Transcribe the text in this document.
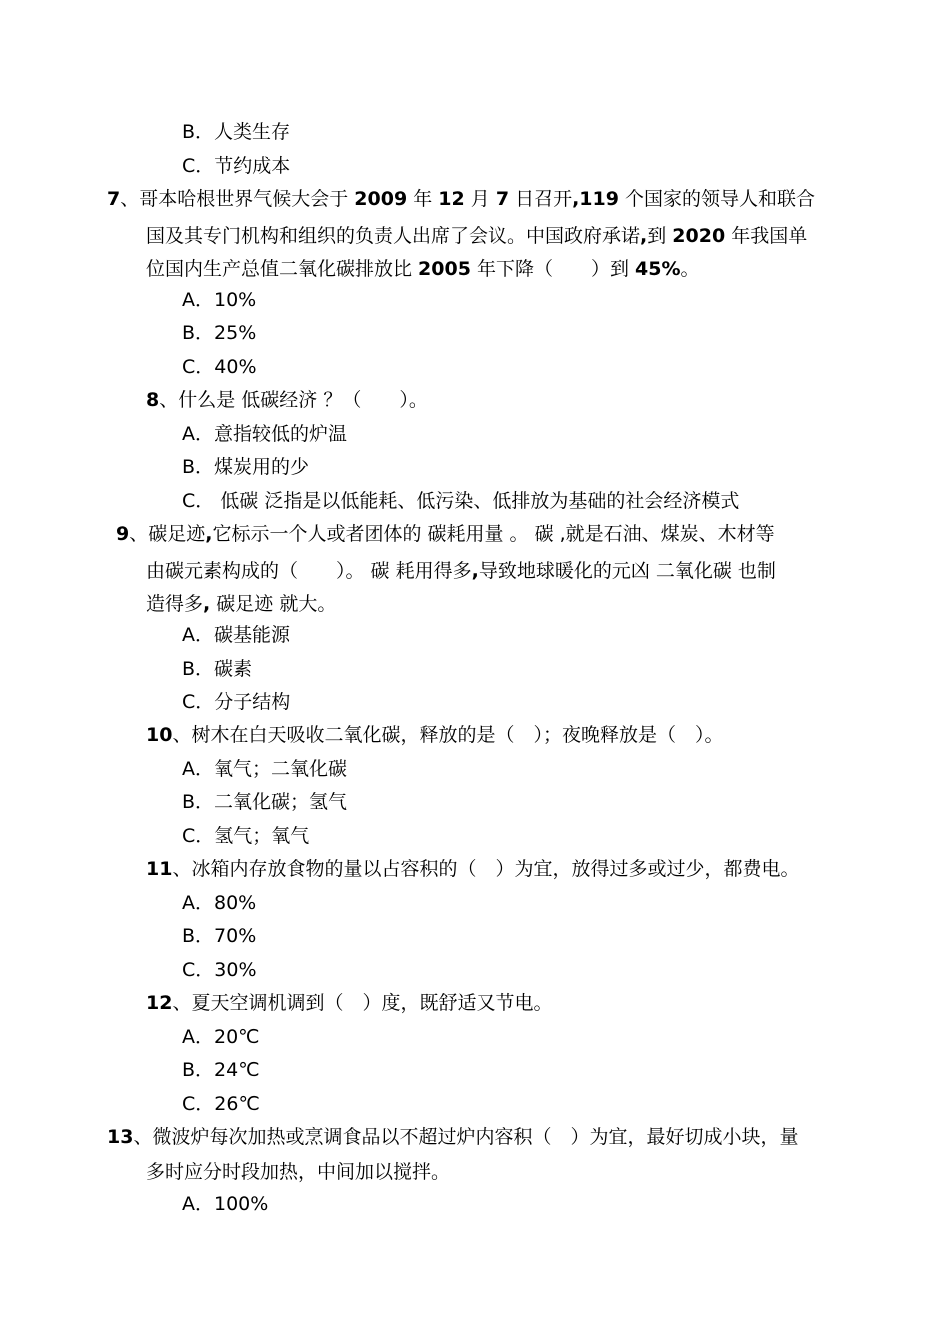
B．人类生存

C．节约成本

7、哥本哈根世界气候大会于 2009 年 12 月 7 日召开,119 个国家的领导人和联合

国及其专门机构和组织的负责人出席了会议。中国政府承诺,到 2020 年我国单

位国内生产总值二氧化碳排放比 2005 年下降（　　）到 45%。

A．10%

B．25%

C．40%

8、什么是 低碳经济 ？（　　）。

A．意指较低的炉温

B．煤炭用的少

C． 低碳 泛指是以低能耗、低污染、低排放为基础的社会经济模式

9、碳足迹,它标示一个人或者团体的 碳耗用量 。 碳 ,就是石油、煤炭、木材等

由碳元素构成的（　　）。 碳 耗用得多,导致地球暖化的元凶 二氧化碳 也制

造得多, 碳足迹 就大。

A．碳基能源

B．碳素

C．分子结构

10、树木在白天吸收二氧化碳，释放的是（　）；夜晚释放是（　）。

A．氧气；二氧化碳

B．二氧化碳；氢气

C．氢气；氧气

11、冰箱内存放食物的量以占容积的（　）为宜，放得过多或过少，都费电。

A．80%

B．70%

C．30%

12、夏天空调机调到（　）度，既舒适又节电。

A．20℃

B．24℃

C．26℃

13、微波炉每次加热或烹调食品以不超过炉内容积（　）为宜，最好切成小块，量

多时应分时段加热，中间加以搅拌。

A．100%
